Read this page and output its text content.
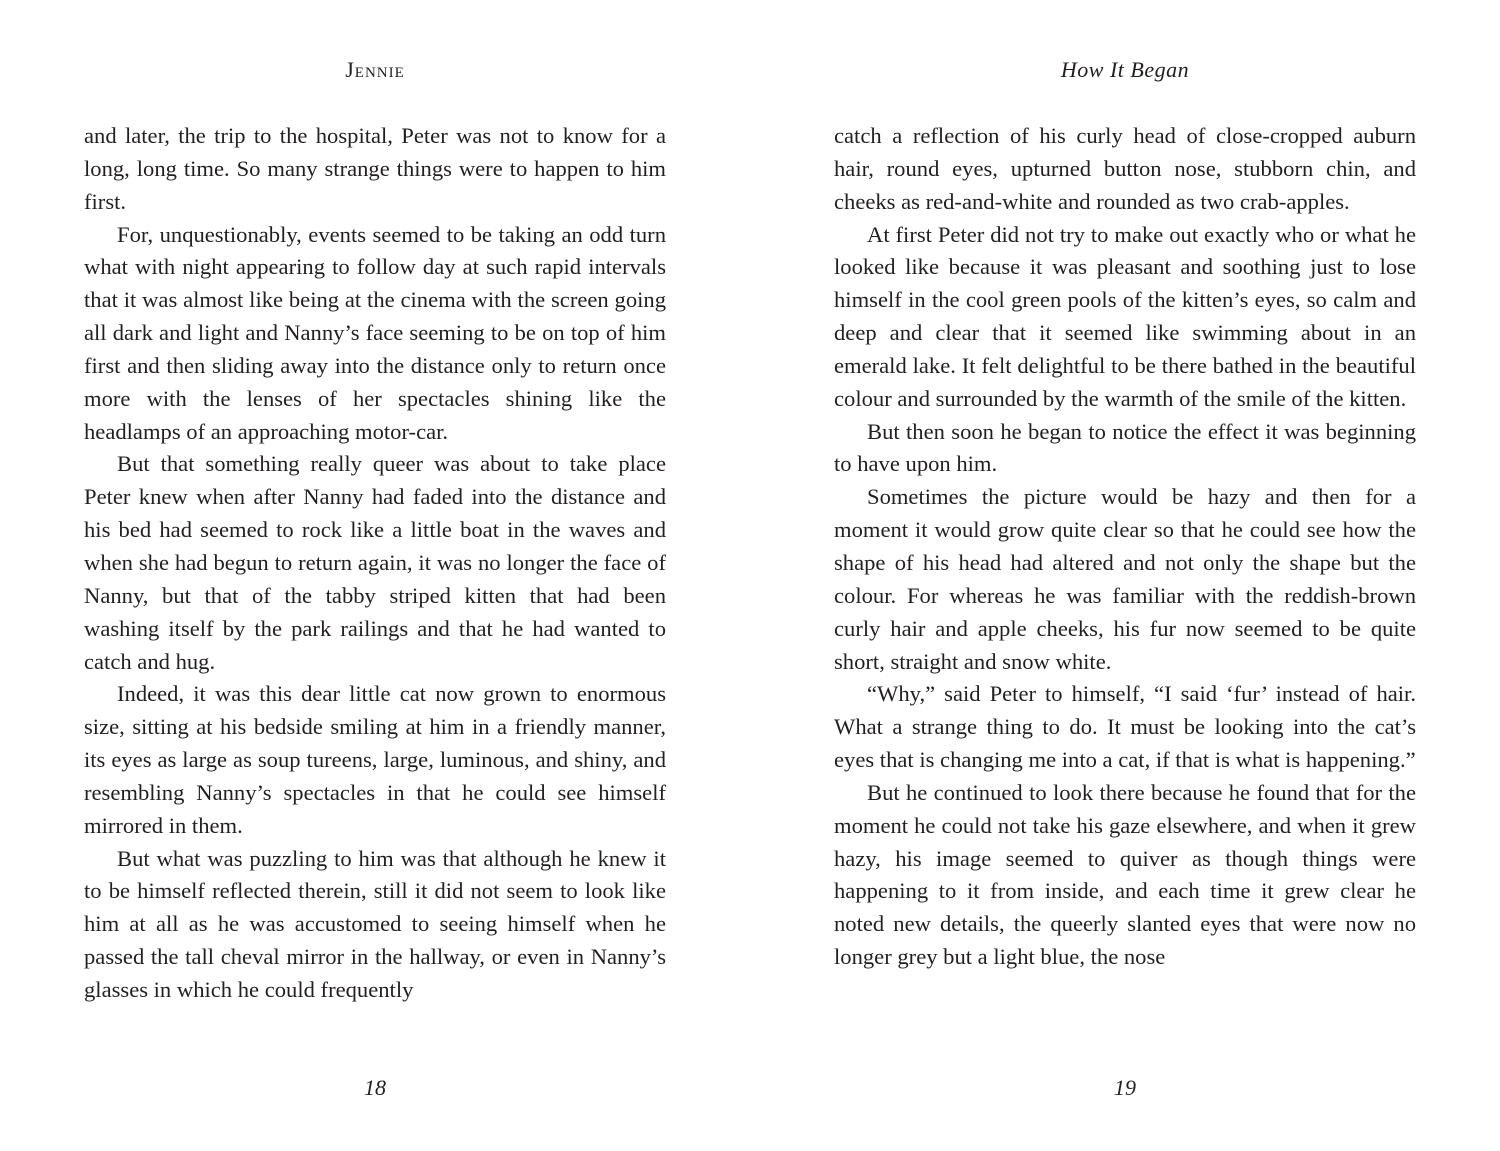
Jennie

and later, the trip to the hospital, Peter was not to know for a long, long time. So many strange things were to happen to him first.

For, unquestionably, events seemed to be taking an odd turn what with night appearing to follow day at such rapid intervals that it was almost like being at the cinema with the screen going all dark and light and Nanny’s face seeming to be on top of him first and then sliding away into the distance only to return once more with the lenses of her spectacles shining like the headlamps of an approaching motor-car.

But that something really queer was about to take place Peter knew when after Nanny had faded into the distance and his bed had seemed to rock like a little boat in the waves and when she had begun to return again, it was no longer the face of Nanny, but that of the tabby striped kitten that had been washing itself by the park railings and that he had wanted to catch and hug.

Indeed, it was this dear little cat now grown to enormous size, sitting at his bedside smiling at him in a friendly manner, its eyes as large as soup tureens, large, luminous, and shiny, and resembling Nanny’s spectacles in that he could see himself mirrored in them.

But what was puzzling to him was that although he knew it to be himself reflected therein, still it did not seem to look like him at all as he was accustomed to seeing himself when he passed the tall cheval mirror in the hallway, or even in Nanny’s glasses in which he could frequently

18
How It Began

catch a reflection of his curly head of close-cropped auburn hair, round eyes, upturned button nose, stubborn chin, and cheeks as red-and-white and rounded as two crab-apples.

At first Peter did not try to make out exactly who or what he looked like because it was pleasant and soothing just to lose himself in the cool green pools of the kitten’s eyes, so calm and deep and clear that it seemed like swimming about in an emerald lake. It felt delightful to be there bathed in the beautiful colour and surrounded by the warmth of the smile of the kitten.

But then soon he began to notice the effect it was beginning to have upon him.

Sometimes the picture would be hazy and then for a moment it would grow quite clear so that he could see how the shape of his head had altered and not only the shape but the colour. For whereas he was familiar with the reddish-brown curly hair and apple cheeks, his fur now seemed to be quite short, straight and snow white.

“Why,” said Peter to himself, “I said ‘fur’ instead of hair. What a strange thing to do. It must be looking into the cat’s eyes that is changing me into a cat, if that is what is happening.”

But he continued to look there because he found that for the moment he could not take his gaze elsewhere, and when it grew hazy, his image seemed to quiver as though things were happening to it from inside, and each time it grew clear he noted new details, the queerly slanted eyes that were now no longer grey but a light blue, the nose

19
